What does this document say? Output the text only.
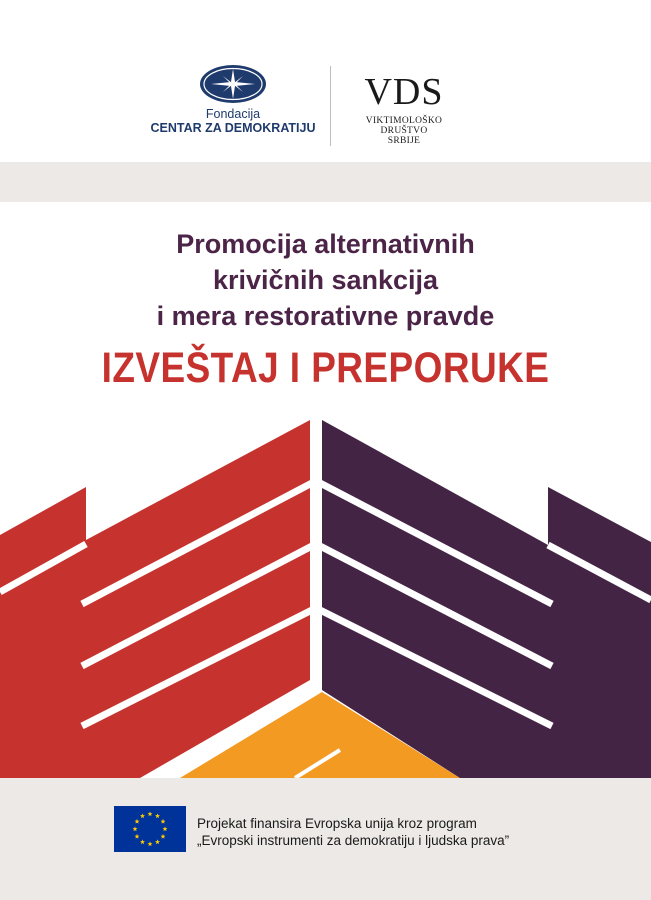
Fondacija
CENTAR ZA DEMOKRATIJU
VDS
VIKTIMOLOŠKO DRUŠTVO
SRBIJE
Promocija alternativnih
krivičnih sankcija
i mera restorativne pravde
IZVEŠTAJ I PREPORUKE
Projekat finansira Evropska unija kroz program
„Evropski instrumenti za demokratiju i ljudska prava”
